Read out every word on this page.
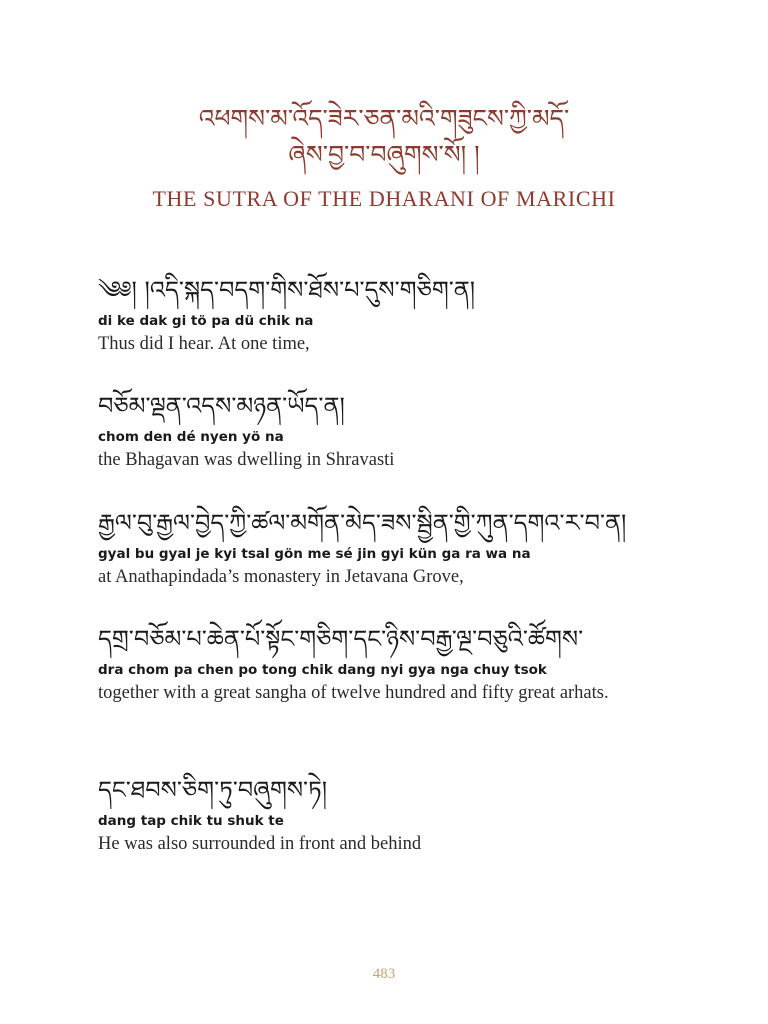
འཕགས་མ་འོད་ཟེར་ཅན་མའི་གཟུངས་ཀྱི་མདོ་
ཞེས་བྱ་བ་བཞུགས་སོ། །
THE SUTRA OF THE DHARANI OF MARICHI
༄༅། །འདི་སྐད་བདག་གིས་ཐོས་པ་དུས་གཅིག་ན།
di ke dak gi tö pa dü chik na
Thus did I hear. At one time,
བཅོམ་ལྡན་འདས་མཉན་ཡོད་ན།
chom den dé nyen yö na
the Bhagavan was dwelling in Shravasti
རྒྱལ་བུ་རྒྱལ་བྱེད་ཀྱི་ཚལ་མགོན་མེད་ཟས་སྦྱིན་གྱི་ཀུན་དགའ་ར་བ་ན།
gyal bu gyal je kyi tsal gön me sé jin gyi kün ga ra wa na
at Anathapindada’s monastery in Jetavana Grove,
དགྲ་བཅོམ་པ་ཆེན་པོ་སྟོང་གཅིག་དང་ཉིས་བརྒྱ་ལྔ་བཅུའི་ཚོགས་
dra chom pa chen po tong chik dang nyi gya nga chuy tsok
together with a great sangha of twelve hundred and fifty great arhats.
དང་ཐབས་ཅིག་ཏུ་བཞུགས་ཏེ།
dang tap chik tu shuk te
He was also surrounded in front and behind
483
